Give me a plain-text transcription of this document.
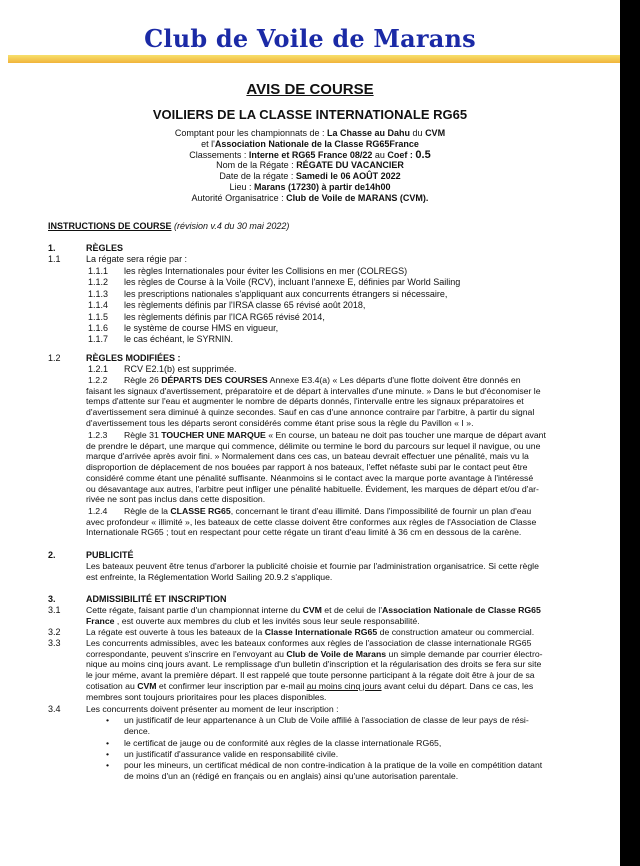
Club de Voile de Marans
AVIS DE COURSE
VOILIERS DE LA CLASSE INTERNATIONALE RG65
Comptant pour les championnats de : La Chasse au Dahu du CVM
et l'Association Nationale de la Classe RG65France
Classements : Interne et RG65 France 08/22 au Coef : 0.5
Nom de la Régate : RÉGATE DU VACANCIER
Date de la régate : Samedi le 06 AOÛT 2022
Lieu : Marans (17230) à partir de14h00
Autorité Organisatrice : Club de Voile de MARANS (CVM).
INSTRUCTIONS DE COURSE (révision v.4 du 30 mai 2022)
1.	RÈGLES
1.1	La régate sera régie par :
1.1.1 les règles Internationales pour éviter les Collisions en mer (COLREGS)
1.1.2 les règles de Course à la Voile (RCV), incluant l'annexe E, définies par World Sailing
1.1.3 les prescriptions nationales s'appliquant aux concurrents étrangers si nécessaire,
1.1.4 les règlements définis par l'IRSA classe 65 révisé août 2018,
1.1.5 les règlements définis par l'ICA RG65 révisé 2014,
1.1.6 le système de course HMS en vigueur,
1.1.7 le cas échéant, le SYRNIN.
1.2	RÈGLES MODIFIÉES :
1.2.1 RCV E2.1(b) est supprimée.
1.2.2 Règle 26 DÉPARTS DES COURSES Annexe E3.4(a) « Les départs d'une flotte doivent être donnés en
faisant les signaux d'avertissement, préparatoire et de départ à intervalles d'une minute. » Dans le but d'économiser le
temps d'attente sur l'eau et augmenter le nombre de départs donnés, l'intervalle entre les signaux préparatoires et
d'avertissement sera diminué à quinze secondes. Sauf en cas d'une annonce contraire par l'arbitre, à partir du signal
d'avertissement tous les départs seront considérés comme étant prise sous la règle du Pavillon « I ».
1.2.3 Règle 31 TOUCHER UNE MARQUE « En course, un bateau ne doit pas toucher une marque de départ avant
de prendre le départ, une marque qui commence, délimite ou termine le bord du parcours sur lequel il navigue, ou une
marque d'arrivée après avoir fini. » Normalement dans ces cas, un bateau devrait effectuer une pénalité, mais vu la
disproportion de déplacement de nos bouées par rapport à nos bateaux, l'effet néfaste subi par le contact peut être
considéré comme étant une pénalité suffisante. Néanmoins si le contact avec la marque porte avantage à l'intéressé
ou désavantage aux autres, l'arbitre peut infliger une pénalité habituelle. Évidement, les marques de départ et/ou d'ar-
rivée ne sont pas inclus dans cette disposition.
1.2.4 Règle de la CLASSE RG65, concernant le tirant d'eau illimité. Dans l'impossibilité de fournir un plan d'eau
avec profondeur « illimité », les bateaux de cette classe doivent être conformes aux règles de l'Association de Classe
Internationale RG65 ; tout en respectant pour cette régate un tirant d'eau limité à 36 cm en dessous de la carène.
2.	PUBLICITÉ
Les bateaux peuvent être tenus d'arborer la publicité choisie et fournie par l'administration organisatrice. Si cette règle
est enfreinte, la Réglementation World Sailing 20.9.2 s'applique.
3.	ADMISSIBILITÉ ET INSCRIPTION
3.1	Cette régate, faisant partie d'un championnat interne du CVM et de celui de l'Association Nationale de Classe RG65
France , est ouverte aux membres du club et les invités sous leur seule responsabilité.
3.2	La régate est ouverte à tous les bateaux de la Classe Internationale RG65 de construction amateur ou commercial.
3.3	Les concurrents admissibles, avec les bateaux conformes aux règles de l'association de classe internationale RG65
correspondante, peuvent s'inscrire en l'envoyant au Club de Voile de Marans un simple demande par courrier électro-
nique au moins cinq jours avant. Le remplissage d'un bulletin d'inscription et la régularisation des droits se fera sur site
le jour méme, avant la première départ. Il est rappelé que toute personne participant à la régate doit être à jour de sa
cotisation au CVM et confirmer leur inscription par e-mail au moins cinq jours avant celui du départ. Dans ce cas, les
membres sont toujours prioritaires pour les places disponibles.
3.4	Les concurrents doivent présenter au moment de leur inscription :
• un justificatif de leur appartenance à un Club de Voile affilié à l'association de classe de leur pays de rési-
dence.
• le certificat de jauge ou de conformité aux règles de la classe internationale RG65,
• un justificatif d'assurance valide en responsabilité civile.
• pour les mineurs, un certificat médical de non contre-indication à la pratique de la voile en compétition datant
de moins d'un an (rédigé en français ou en anglais) ainsi qu'une autorisation parentale.
